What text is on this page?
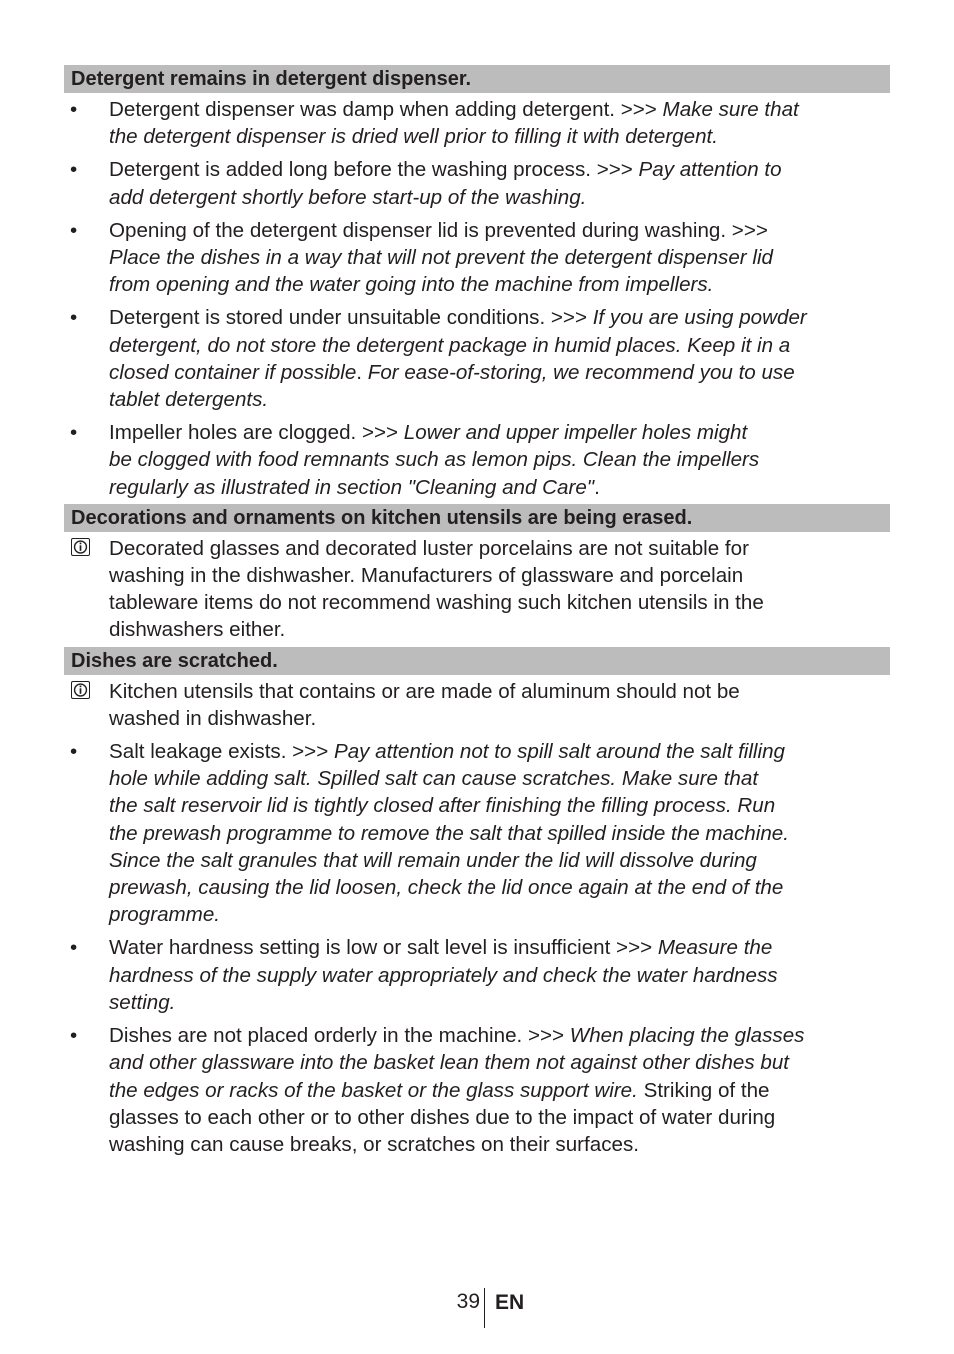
Detergent remains in detergent dispenser.
• Detergent dispenser was damp when adding detergent. >>> Make sure that
the detergent dispenser is dried well prior to filling it with detergent.
• Detergent is added long before the washing process. >>> Pay attention to
add detergent shortly before start-up of the washing.
• Opening of the detergent dispenser lid is prevented during washing. >>>
Place the dishes in a way that will not prevent the detergent dispenser lid
from opening and the water going into the machine from impellers.
• Detergent is stored under unsuitable conditions. >>> If you are using powder
detergent, do not store the detergent package in humid places. Keep it in a
closed container if possible. For ease-of-storing, we recommend you to use
tablet detergents.
• Impeller holes are clogged. >>> Lower and upper impeller holes might
be clogged with food remnants such as lemon pips. Clean the impellers
regularly as illustrated in section "Cleaning and Care".
Decorations and ornaments on kitchen utensils are being erased.
Decorated glasses and decorated luster porcelains are not suitable for
washing in the dishwasher. Manufacturers of glassware and porcelain
tableware items do not recommend washing such kitchen utensils in the
dishwashers either.
Dishes are scratched.
Kitchen utensils that contains or are made of aluminum should not be
washed in dishwasher.
• Salt leakage exists. >>> Pay attention not to spill salt around the salt filling
hole while adding salt. Spilled salt can cause scratches. Make sure that
the salt reservoir lid is tightly closed after finishing the filling process. Run
the prewash programme to remove the salt that spilled inside the machine.
Since the salt granules that will remain under the lid will dissolve during
prewash, causing the lid loosen, check the lid once again at the end of the
programme.
• Water hardness setting is low or salt level is insufficient >>> Measure the
hardness of the supply water appropriately and check the water hardness
setting.
• Dishes are not placed orderly in the machine. >>> When placing the glasses
and other glassware into the basket lean them not against other dishes but
the edges or racks of the basket or the glass support wire. Striking of the
glasses to each other or to other dishes due to the impact of water during
washing can cause breaks, or scratches on their surfaces.
39 EN
